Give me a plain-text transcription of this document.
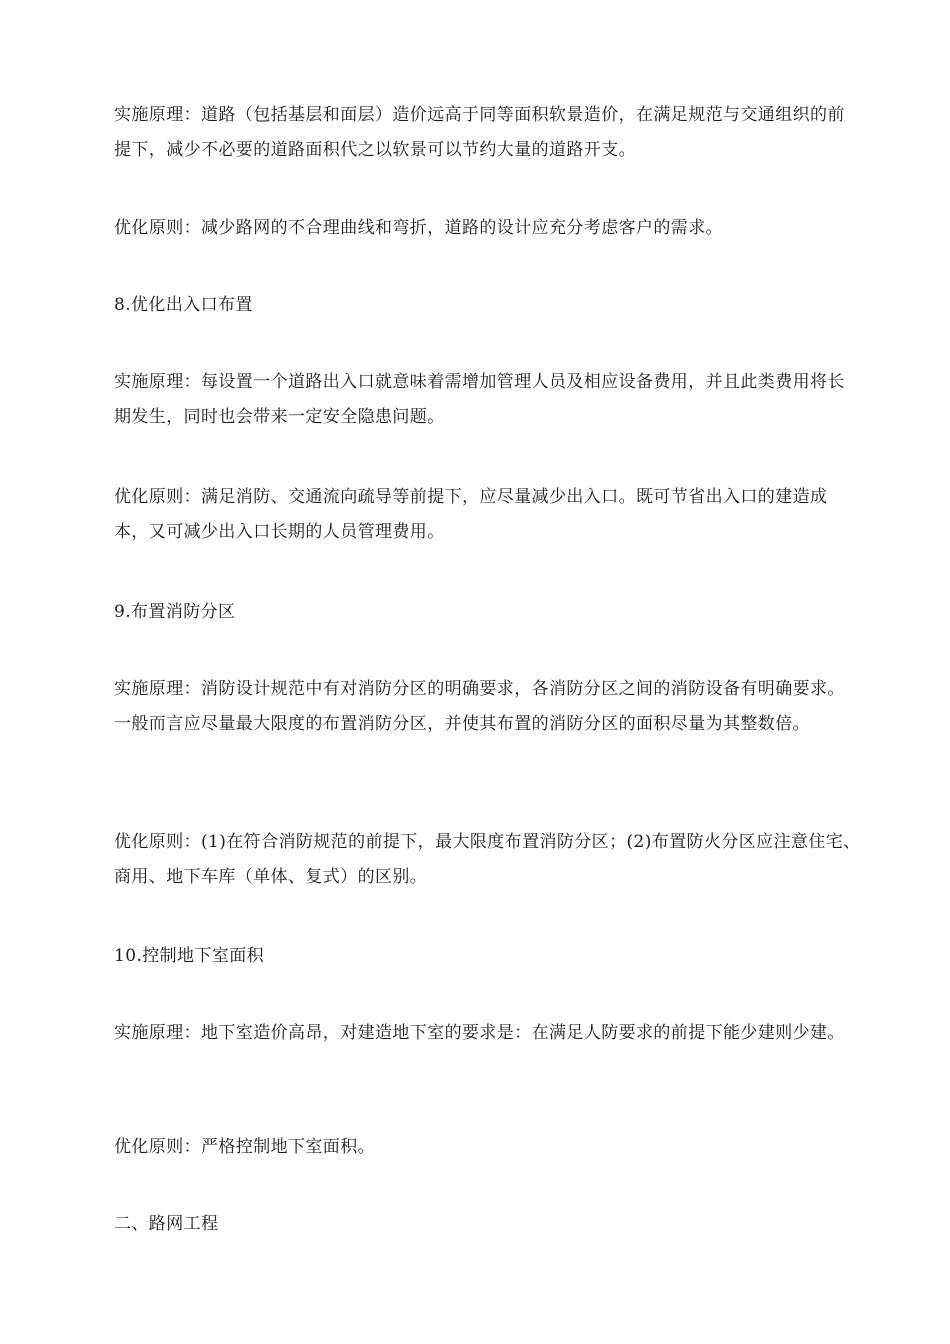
实施原理：道路（包括基层和面层）造价远高于同等面积软景造价，在满足规范与交通组织的前提下，减少不必要的道路面积代之以软景可以节约大量的道路开支。

优化原则：减少路网的不合理曲线和弯折，道路的设计应充分考虑客户的需求。

8.优化出入口布置

实施原理：每设置一个道路出入口就意味着需增加管理人员及相应设备费用，并且此类费用将长期发生，同时也会带来一定安全隐患问题。

优化原则：满足消防、交通流向疏导等前提下，应尽量减少出入口。既可节省出入口的建造成本，又可减少出入口长期的人员管理费用。

9.布置消防分区

实施原理：消防设计规范中有对消防分区的明确要求，各消防分区之间的消防设备有明确要求。一般而言应尽量最大限度的布置消防分区，并使其布置的消防分区的面积尽量为其整数倍。

优化原则：(1)在符合消防规范的前提下，最大限度布置消防分区；(2)布置防火分区应注意住宅、商用、地下车库（单体、复式）的区别。

10.控制地下室面积

实施原理：地下室造价高昂，对建造地下室的要求是：在满足人防要求的前提下能少建则少建。

优化原则：严格控制地下室面积。

二、路网工程
